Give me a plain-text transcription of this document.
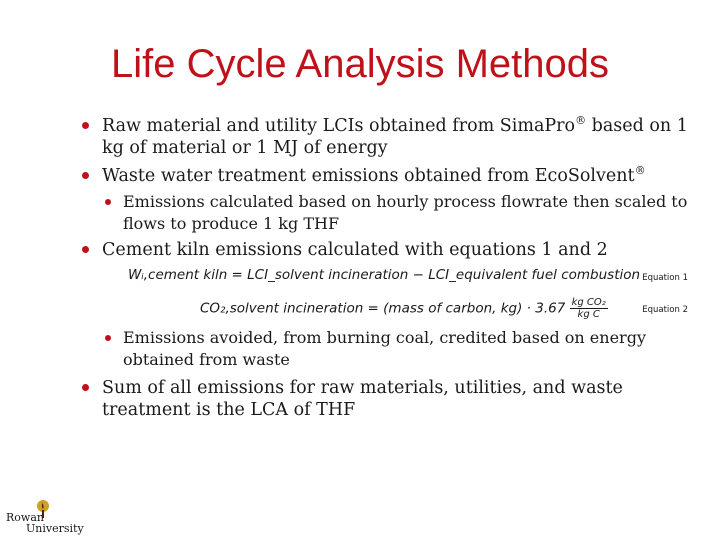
Life Cycle Analysis Methods
Raw material and utility LCIs obtained from SimaPro® based on 1 kg of material or 1 MJ of energy
Waste water treatment emissions obtained from EcoSolvent®
Emissions calculated based on hourly process flowrate then scaled to flows to produce 1 kg THF
Cement kiln emissions calculated with equations 1 and 2
Wᵢ,cement kiln = LCI_solvent incineration − LCI_equivalent fuel combustion Equation 1
CO₂,solvent incineration = (mass of carbon, $kg) \cdot 3.67 \frac{\text{kg CO₂}}{\text{kg C}}$	Equation 2
Emissions avoided, from burning coal, credited based on energy obtained from waste
Sum of all emissions for raw materials, utilities, and waste treatment is the LCA of THF
Rowan
University
